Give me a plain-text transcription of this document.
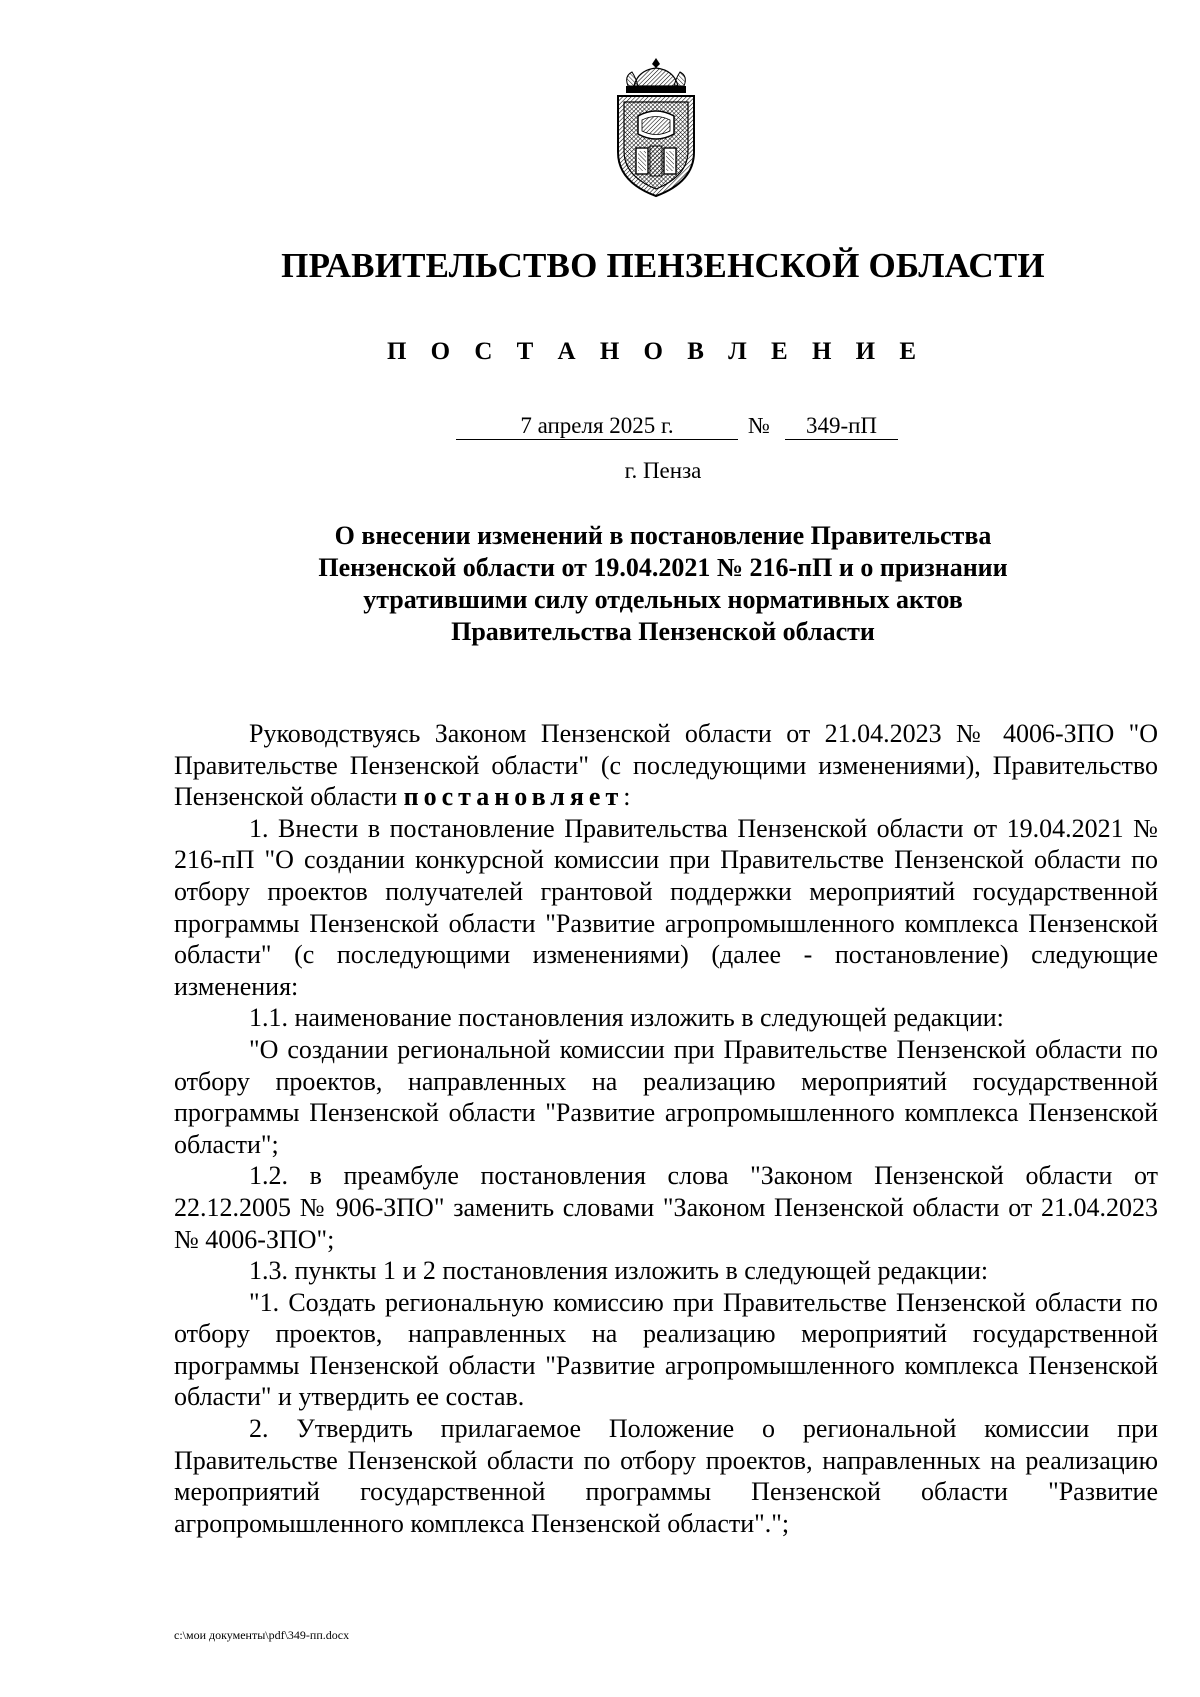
ПРАВИТЕЛЬСТВО ПЕНЗЕНСКОЙ ОБЛАСТИ
П О С Т А Н О В Л Е Н И Е
7 апреля 2025 г.	№	349-пП
г. Пенза
О внесении изменений в постановление Правительства
Пензенской области от 19.04.2021 № 216-пП и о признании
утратившими силу отдельных нормативных актов
Правительства Пензенской области

Руководствуясь Законом Пензенской области от 21.04.2023 № 4006-ЗПО "О Правительстве Пензенской области" (с последующими изменениями), Правительство Пензенской области постановляет:

1. Внести в постановление Правительства Пензенской области от 19.04.2021 № 216-пП "О создании конкурсной комиссии при Правительстве Пензенской области по отбору проектов получателей грантовой поддержки мероприятий государственной программы Пензенской области "Развитие агропромышленного комплекса Пензенской области" (с последующими изменениями) (далее - постановление) следующие изменения:

1.1. наименование постановления изложить в следующей редакции:

"О создании региональной комиссии при Правительстве Пензенской области по отбору проектов, направленных на реализацию мероприятий государственной программы Пензенской области "Развитие агропромышленного комплекса Пензенской области";

1.2. в преамбуле постановления слова "Законом Пензенской области от 22.12.2005 № 906-ЗПО" заменить словами "Законом Пензенской области от 21.04.2023 № 4006-ЗПО";

1.3. пункты 1 и 2 постановления изложить в следующей редакции:

"1. Создать региональную комиссию при Правительстве Пензенской области по отбору проектов, направленных на реализацию мероприятий государственной программы Пензенской области "Развитие агропромышленного комплекса Пензенской области" и утвердить ее состав.

2. Утвердить прилагаемое Положение о региональной комиссии при Правительстве Пензенской области по отбору проектов, направленных на реализацию мероприятий государственной программы Пензенской области "Развитие агропромышленного комплекса Пензенской области".";

c:\мои документы\pdf\349-пп.docx
